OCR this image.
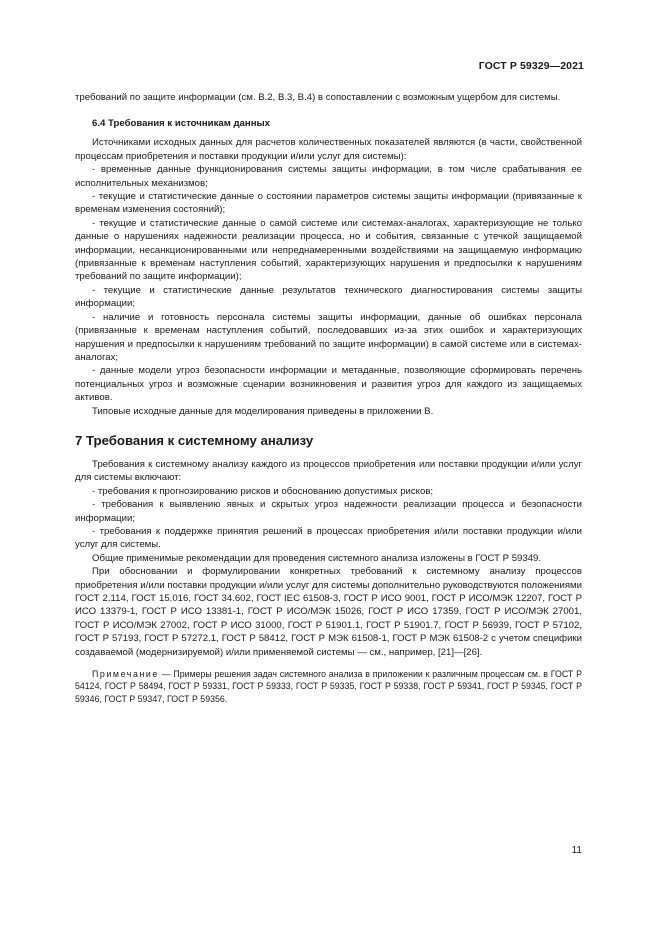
ГОСТ Р 59329—2021

требований по защите информации (см. В.2, В.3, В.4) в сопоставлении с возможным ущербом для системы.

6.4 Требования к источникам данных

Источниками исходных данных для расчетов количественных показателей являются (в части, свойственной процессам приобретения и поставки продукции и/или услуг для системы):

- временные данные функционирования системы защиты информации, в том числе срабатывания ее исполнительных механизмов;

- текущие и статистические данные о состоянии параметров системы защиты информации (привязанные к временам изменения состояний);

- текущие и статистические данные о самой системе или системах-аналогах, характеризующие не только данные о нарушениях надежности реализации процесса, но и события, связанные с утечкой защищаемой информации, несанкционированными или непреднамеренными воздействиями на защищаемую информацию (привязанные к временам наступления событий, характеризующих нарушения и предпосылки к нарушениям требований по защите информации);

- текущие и статистические данные результатов технического диагностирования системы защиты информации;

- наличие и готовность персонала системы защиты информации, данные об ошибках персонала (привязанные к временам наступления событий, последовавших из-за этих ошибок и характеризующих нарушения и предпосылки к нарушениям требований по защите информации) в самой системе или в системах-аналогах;

- данные модели угроз безопасности информации и метаданные, позволяющие сформировать перечень потенциальных угроз и возможные сценарии возникновения и развития угроз для каждого из защищаемых активов.

Типовые исходные данные для моделирования приведены в приложении В.

7 Требования к системному анализу

Требования к системному анализу каждого из процессов приобретения или поставки продукции и/или услуг для системы включают:

- требования к прогнозированию рисков и обоснованию допустимых рисков;

- требования к выявлению явных и скрытых угроз надежности реализации процесса и безопасности информации;

- требования к поддержке принятия решений в процессах приобретения и/или поставки продукции и/или услуг для системы.

Общие применимые рекомендации для проведения системного анализа изложены в ГОСТ Р 59349.

При обосновании и формулировании конкретных требований к системному анализу процессов приобретения и/или поставки продукции и/или услуг для системы дополнительно руководствуются положениями ГОСТ 2.114, ГОСТ 15.016, ГОСТ 34.602, ГОСТ IEC 61508-3, ГОСТ Р ИСО 9001, ГОСТ Р ИСО/МЭК 12207, ГОСТ Р ИСО 13379-1, ГОСТ Р ИСО 13381-1, ГОСТ Р ИСО/МЭК 15026, ГОСТ Р ИСО 17359, ГОСТ Р ИСО/МЭК 27001, ГОСТ Р ИСО/МЭК 27002, ГОСТ Р ИСО 31000, ГОСТ Р 51901.1, ГОСТ Р 51901.7, ГОСТ Р 56939, ГОСТ Р 57102, ГОСТ Р 57193, ГОСТ Р 57272.1, ГОСТ Р 58412, ГОСТ Р МЭК 61508-1, ГОСТ Р МЭК 61508-2 с учетом специфики создаваемой (модернизируемой) и/или применяемой системы — см., например, [21]—[26].

Примечание — Примеры решения задач системного анализа в приложении к различным процессам см. в ГОСТ Р 54124, ГОСТ Р 58494, ГОСТ Р 59331, ГОСТ Р 59333, ГОСТ Р 59335, ГОСТ Р 59338, ГОСТ Р 59341, ГОСТ Р 59345, ГОСТ Р 59346, ГОСТ Р 59347, ГОСТ Р 59356.
11
